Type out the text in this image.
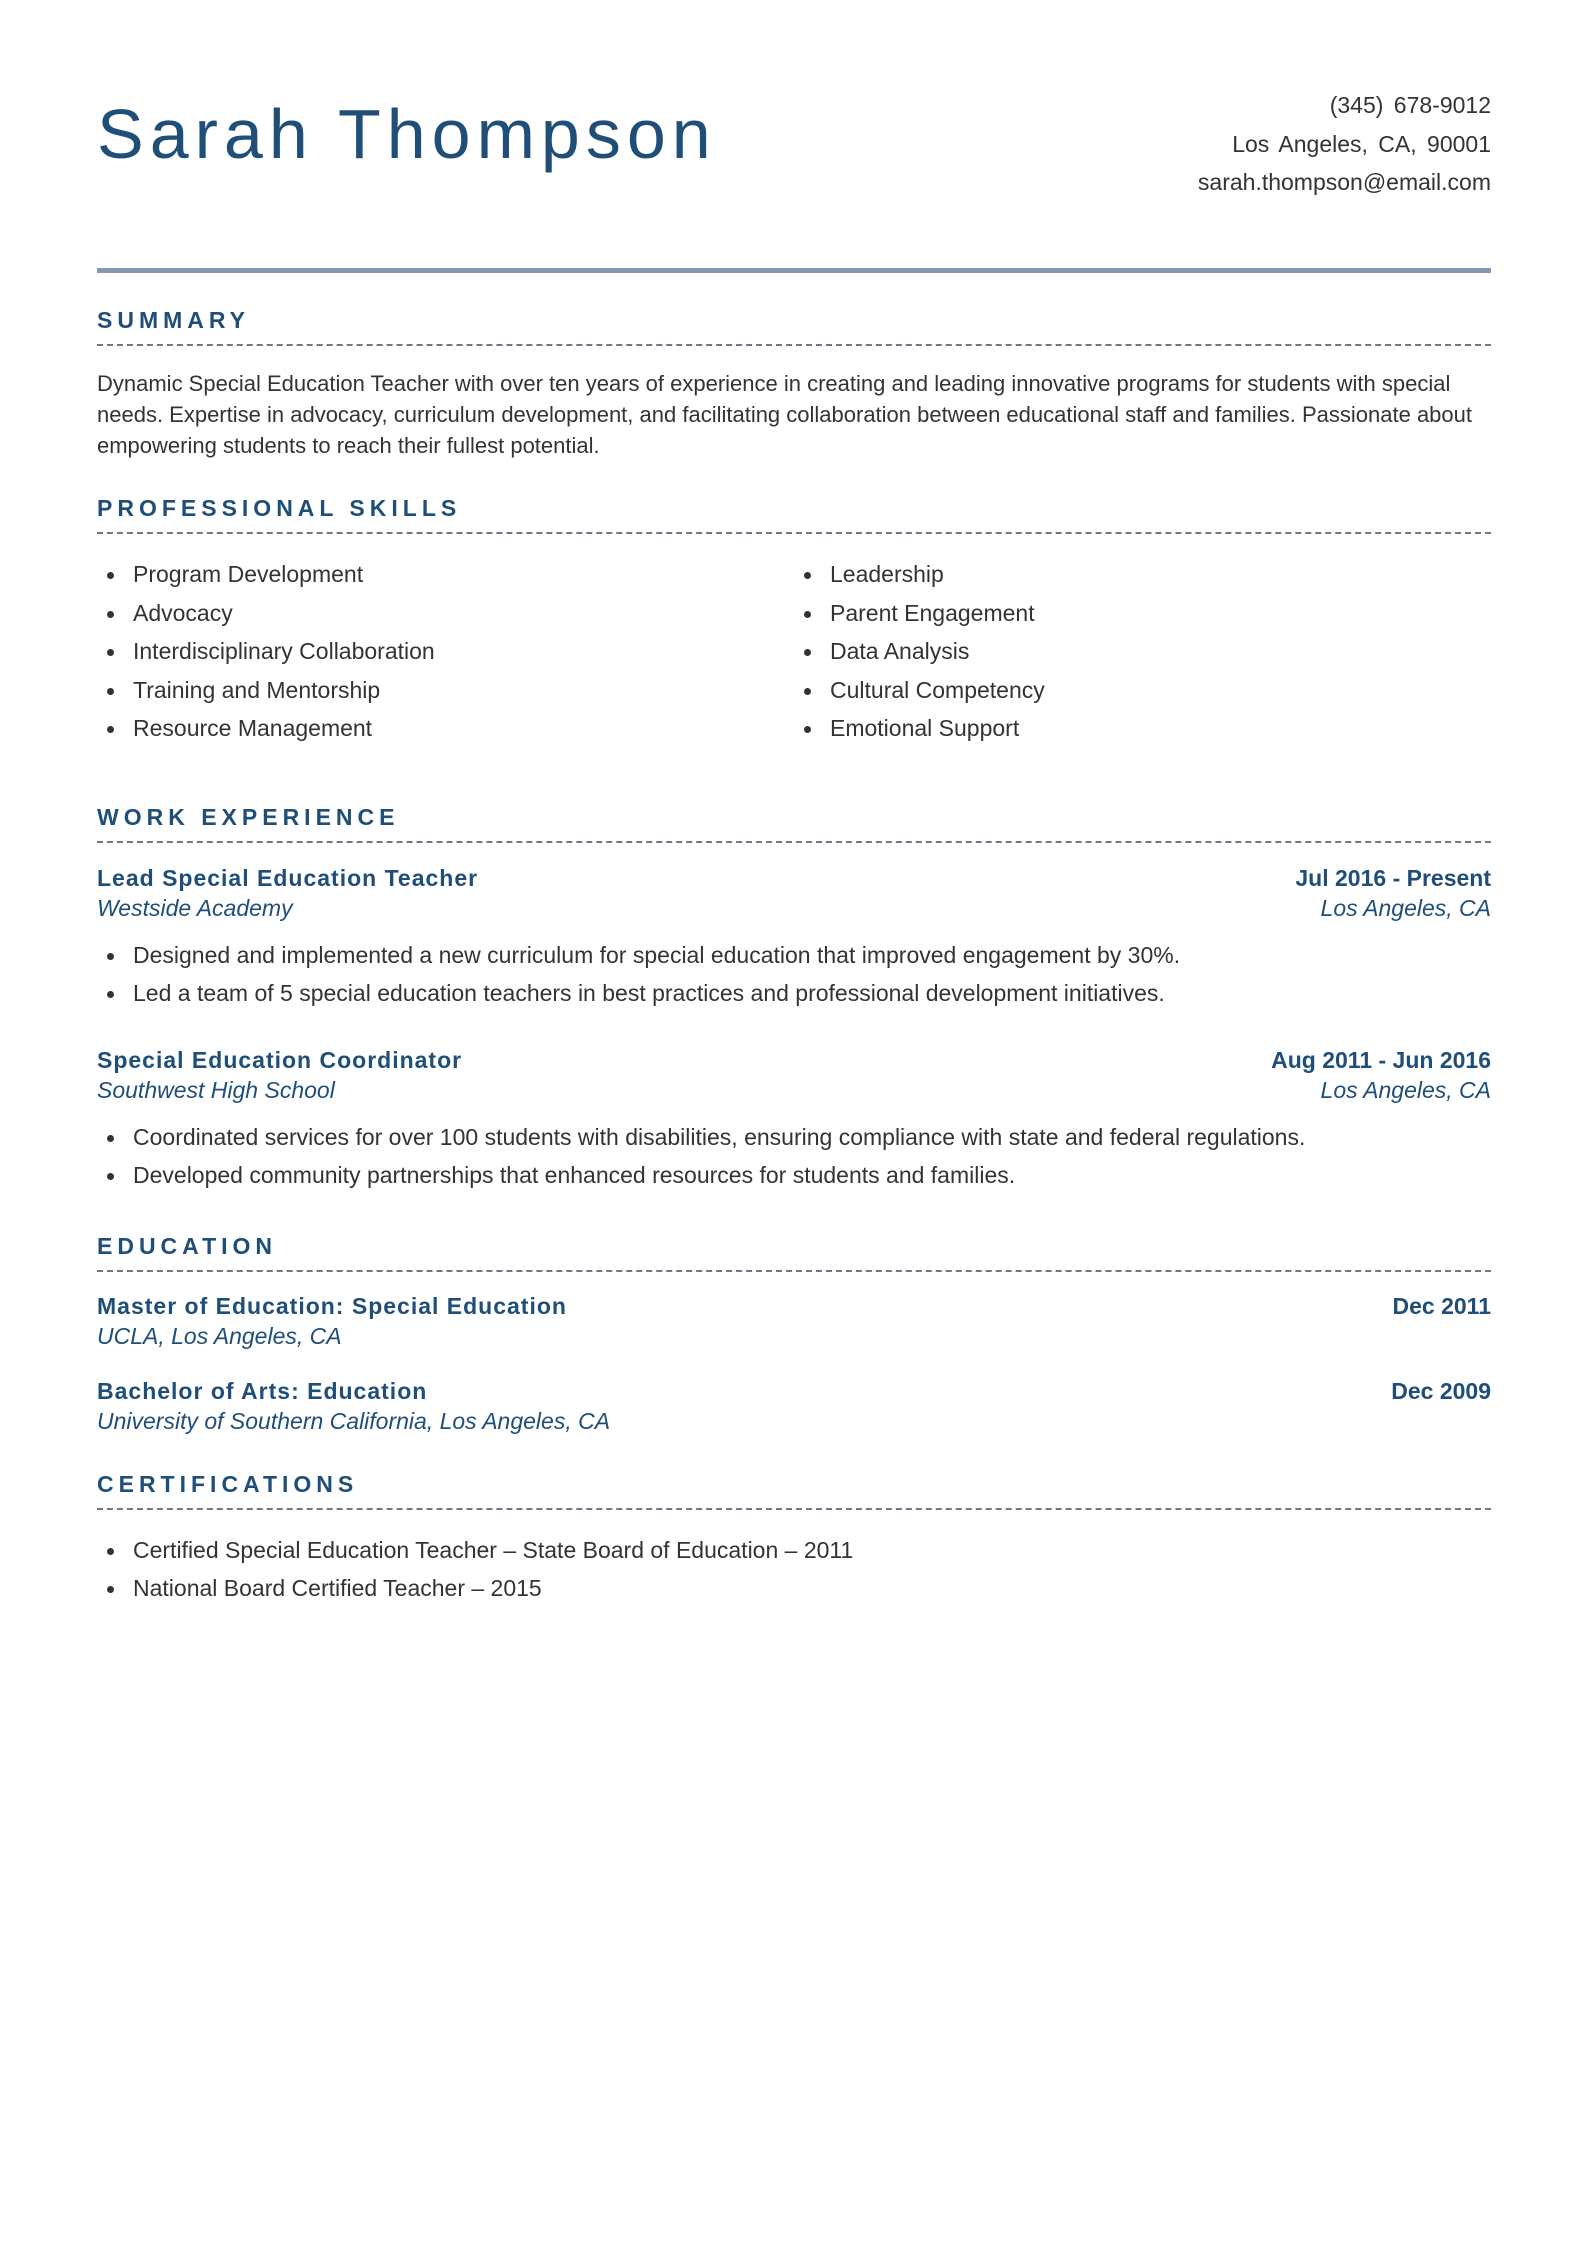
Sarah Thompson	(345) 678-9012
Los Angeles, CA, 90001
sarah.thompson@email.com
SUMMARY

Dynamic Special Education Teacher with over ten years of experience in creating and leading innovative programs for students with special needs. Expertise in advocacy, curriculum development, and facilitating collaboration between educational staff and families. Passionate about empowering students to reach their fullest potential.

PROFESSIONAL SKILLS
Program Development
Advocacy
Interdisciplinary Collaboration
Training and Mentorship
Resource Management
Leadership
Parent Engagement
Data Analysis
Cultural Competency
Emotional Support
WORK EXPERIENCE
Lead Special Education Teacher	Jul 2016 - Present
Westside Academy	Los Angeles, CA
Designed and implemented a new curriculum for special education that improved engagement by 30%.
Led a team of 5 special education teachers in best practices and professional development initiatives.
Special Education Coordinator	Aug 2011 - Jun 2016
Southwest High School	Los Angeles, CA
Coordinated services for over 100 students with disabilities, ensuring compliance with state and federal regulations.
Developed community partnerships that enhanced resources for students and families.
EDUCATION
Master of Education: Special Education	Dec 2011
UCLA, Los Angeles, CA
Bachelor of Arts: Education	Dec 2009
University of Southern California, Los Angeles, CA
CERTIFICATIONS
Certified Special Education Teacher – State Board of Education – 2011
National Board Certified Teacher – 2015
